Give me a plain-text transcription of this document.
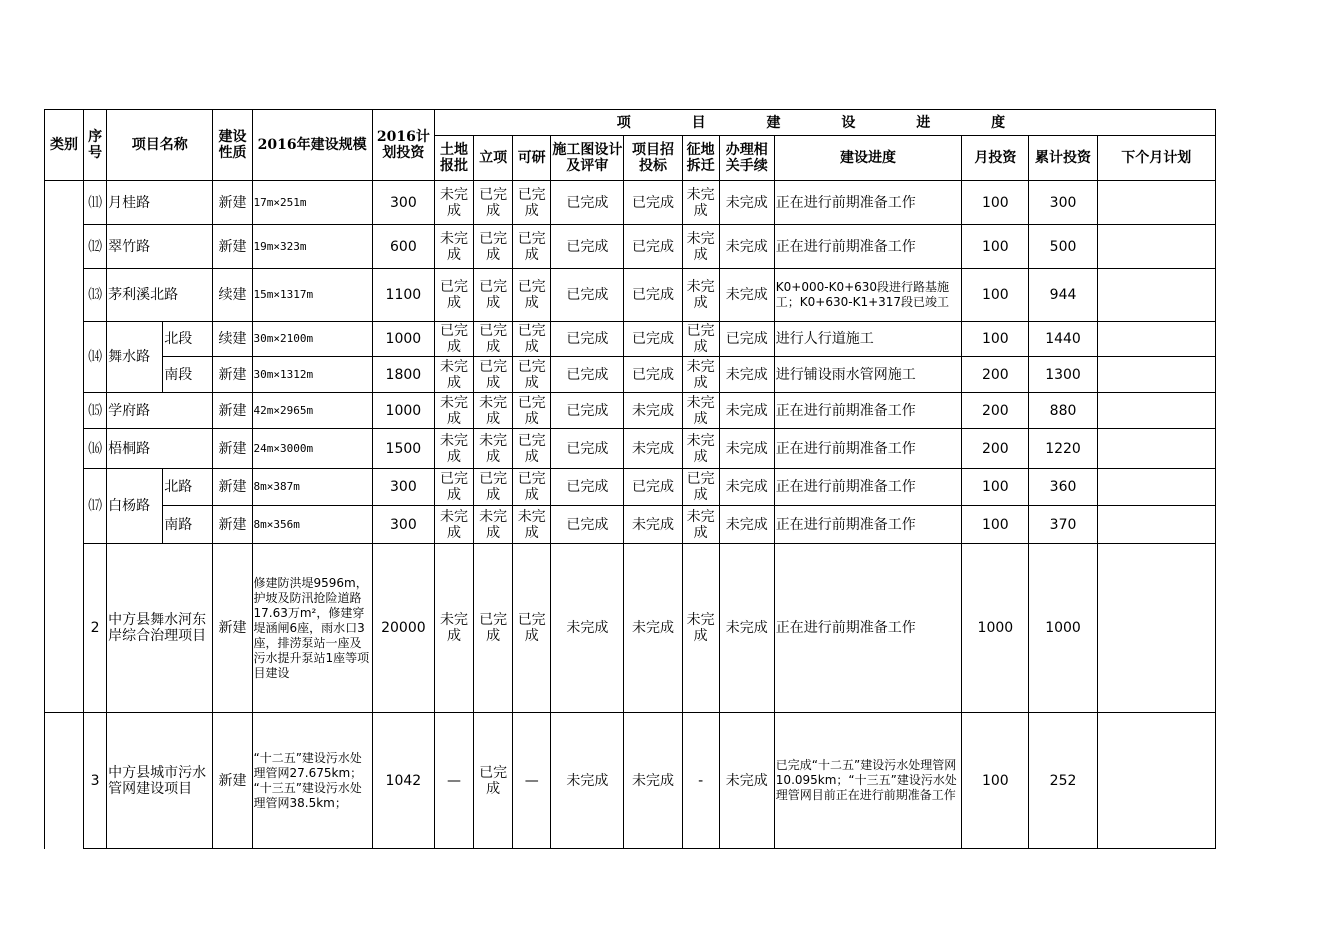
类别	序号	项目名称		建设性质	2016年建设规模	2016计划投资	项 目 建 设 进 度										
							土地报批	立项	可研	施工图设计及评审	项目招投标	征地拆迁	办理相关手续	建设进度	月投资	累计投资	下个月计划
	⑾	月桂路		新建	17m×251m	300	未完成	已完成	已完成	已完成	已完成	未完成	未完成	正在进行前期准备工作	100	300	
	⑿	翠竹路		新建	19m×323m	600	未完成	已完成	已完成	已完成	已完成	未完成	未完成	正在进行前期准备工作	100	500	
	⒀	茅利溪北路		续建	15m×1317m	1100	已完成	已完成	已完成	已完成	已完成	未完成	未完成	K0+000-K0+630段进行路基施工；K0+630-K1+317段已竣工	100	944	
	⒁	舞水路	北段	续建	30m×2100m	1000	已完成	已完成	已完成	已完成	已完成	已完成	已完成	进行人行道施工	100	1440	
			南段	新建	30m×1312m	1800	未完成	已完成	已完成	已完成	已完成	未完成	未完成	进行铺设雨水管网施工	200	1300	
	⒂	学府路		新建	42m×2965m	1000	未完成	未完成	已完成	已完成	未完成	未完成	未完成	正在进行前期准备工作	200	880	
	⒃	梧桐路		新建	24m×3000m	1500	未完成	未完成	已完成	已完成	未完成	未完成	未完成	正在进行前期准备工作	200	1220	
	⒄	白杨路	北路	新建	8m×387m	300	已完成	已完成	已完成	已完成	已完成	已完成	未完成	正在进行前期准备工作	100	360	
			南路	新建	8m×356m	300	未完成	未完成	未完成	已完成	未完成	未完成	未完成	正在进行前期准备工作	100	370	
	2	中方县舞水河东岸综合治理项目		新建	修建防洪堤9596m，护坡及防汛抢险道路17.63万m²，修建穿堤涵闸6座，雨水口3座，排涝泵站一座及污水提升泵站1座等项目建设	20000	未完成	已完成	已完成	未完成	未完成	未完成	未完成	正在进行前期准备工作	1000	1000	
	3	中方县城市污水管网建设项目		新建	“十二五”建设污水处理管网27.675km； “十三五”建设污水处理管网38.5km；	1042	—	已完成	—	未完成	未完成	-	未完成	已完成“十二五”建设污水处理管网10.095km；“十三五”建设污水处理管网目前正在进行前期准备工作	100	252	
